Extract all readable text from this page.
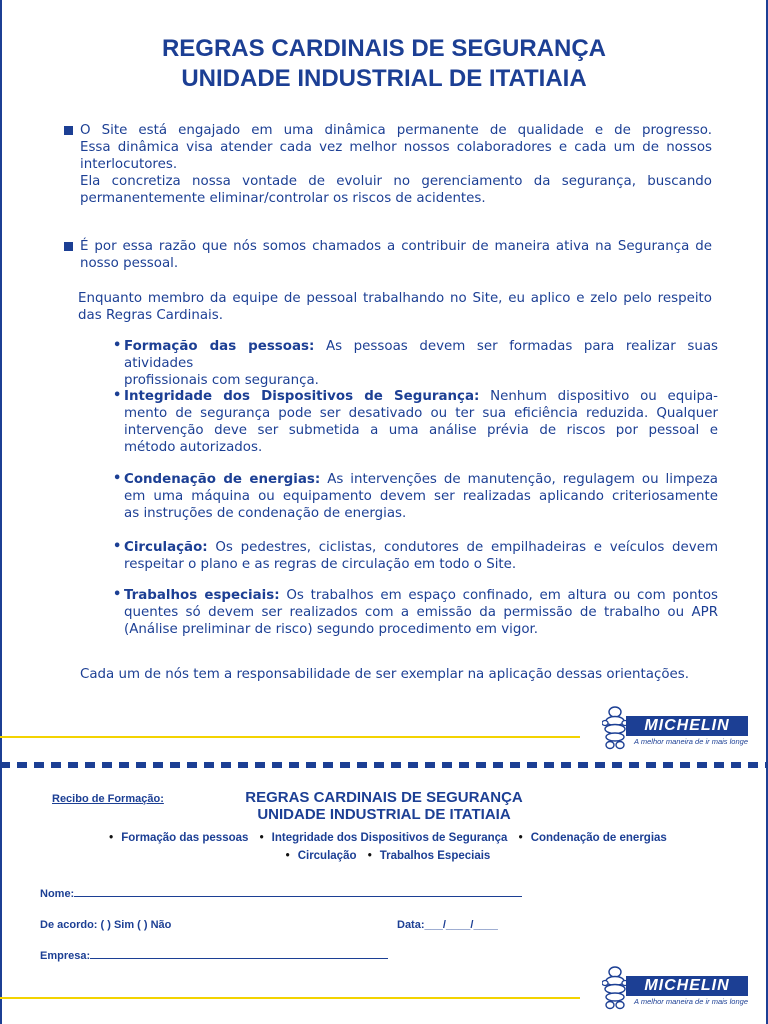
REGRAS CARDINAIS DE SEGURANÇA
UNIDADE INDUSTRIAL DE ITATIAIA
O Site está engajado em uma dinâmica permanente de qualidade e de progresso.
Essa dinâmica visa atender cada vez melhor nossos colaboradores e cada um de nossos
interlocutores.
Ela concretiza nossa vontade de evoluir no gerenciamento da segurança, buscando
permanentemente eliminar/controlar os riscos de acidentes.
É por essa razão que nós somos chamados a contribuir de maneira ativa na Segurança de
nosso pessoal.
Enquanto membro da equipe de pessoal trabalhando no Site, eu aplico e zelo pelo respeito
das Regras Cardinais.
• Formação das pessoas: As pessoas devem ser formadas para realizar suas atividades
profissionais com segurança.
• Integridade dos Dispositivos de Segurança: Nenhum dispositivo ou equipa-
mento de segurança pode ser desativado ou ter sua eficiência reduzida. Qualquer
intervenção deve ser submetida a uma análise prévia de riscos por pessoal e
método autorizados.
• Condenação de energias: As intervenções de manutenção, regulagem ou limpeza
em uma máquina ou equipamento devem ser realizadas aplicando criteriosamente
as instruções de condenação de energias.
• Circulação: Os pedestres, ciclistas, condutores de empilhadeiras e veículos devem
respeitar o plano e as regras de circulação em todo o Site.
• Trabalhos especiais: Os trabalhos em espaço confinado, em altura ou com pontos
quentes só devem ser realizados com a emissão da permissão de trabalho ou APR
(Análise preliminar de risco) segundo procedimento em vigor.
Cada um de nós tem a responsabilidade de ser exemplar na aplicação dessas orientações.
MICHELIN
A melhor maneira de ir mais longe
Recibo de Formação:	REGRAS CARDINAIS DE SEGURANÇA
UNIDADE INDUSTRIAL DE ITATIAIA
• Formação das pessoas • Integridade dos Dispositivos de Segurança • Condenação de energias
• Circulação • Trabalhos Especiais
Nome:
De acordo: ( ) Sim ( ) Não	Data:___/____/____
Empresa:
MICHELIN
A melhor maneira de ir mais longe
